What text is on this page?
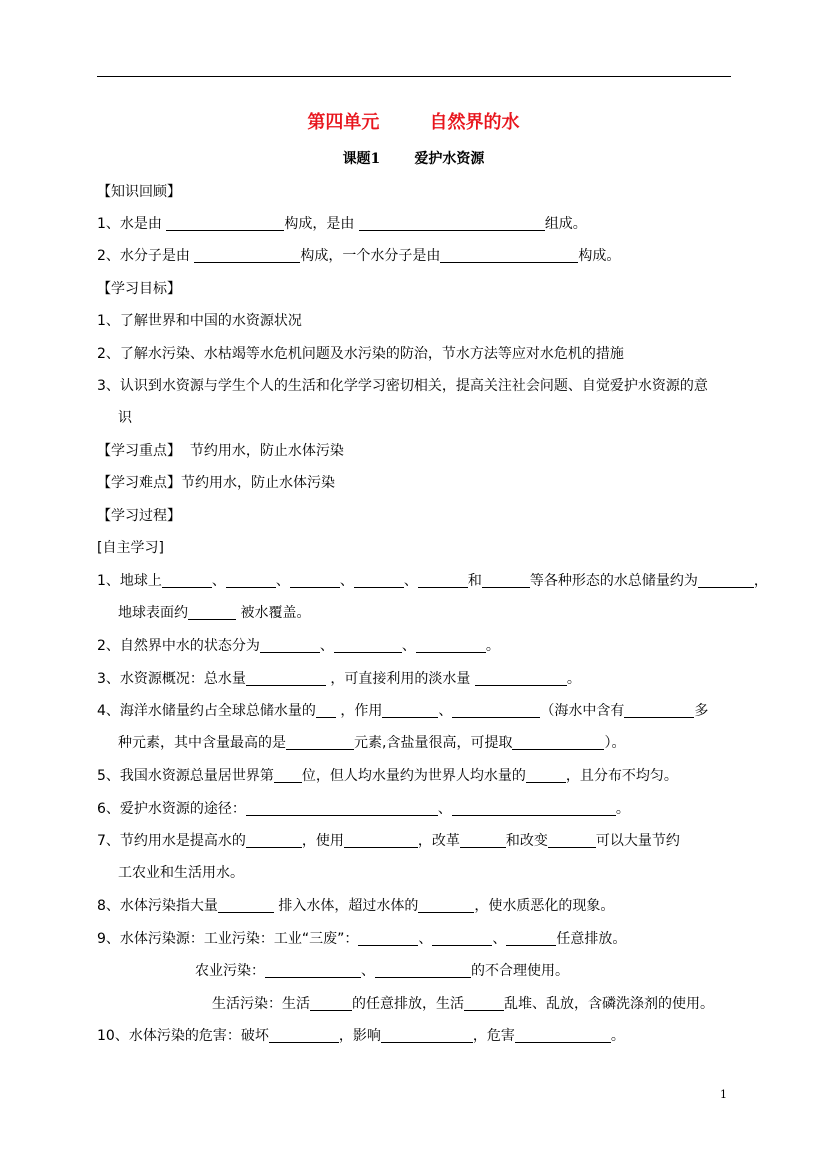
第四单元        自然界的水
课题1       爱护水资源
【知识回顾】
1、水是由	构成，是由	组成。
2、水分子是由	构成，一个水分子是由	构成。
【学习目标】
1、了解世界和中国的水资源状况
2、了解水污染、水枯竭等水危机问题及水污染的防治，节水方法等应对水危机的措施
3、认识到水资源与学生个人的生活和化学学习密切相关，提高关注社会问题、自觉爱护水资源的意
识
【学习重点】  节约用水，防止水体污染
【学习难点】节约用水，防止水体污染
【学习过程】
[自主学习]
1、地球上	、	、	、	、	和	等各种形态的水总储量约为	，
地球表面约	被水覆盖。
2、自然界中水的状态分为	、	、	。
3、水资源概况：总水量	，可直接利用的淡水量	。
4、海洋水储量约占全球总储水量的 ，作用	、	（海水中含有	多
种元素，其中含量最高的是	元素,含盐量很高，可提取	）。
5、我国水资源总量居世界第 位，但人均水量约为世界人均水量的	，且分布不均匀。
6、爱护水资源的途径：	、	。
7、节约用水是提高水的	，使用	，改革	和改变	可以大量节约
工农业和生活用水。
8、水体污染指大量	排入水体，超过水体的	，使水质恶化的现象。
9、水体污染源：工业污染：工业“三废”：	、	、	任意排放。
农业污染：	、	的不合理使用。
生活污染：生活	的任意排放，生活	乱堆、乱放，含磷洗涤剂的使用。
10、水体污染的危害：破坏	，影响	，危害	。
1
